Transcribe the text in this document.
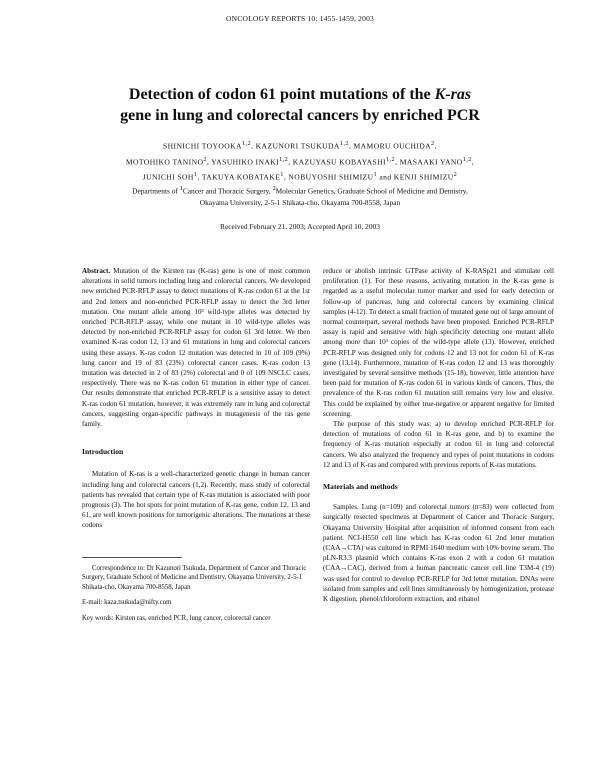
ONCOLOGY REPORTS 10: 1455-1459, 2003
Detection of codon 61 point mutations of the K-ras
gene in lung and colorectal cancers by enriched PCR
SHINICHI TOYOOKA$^{1,2}$, KAZUNORI TSUKUDA$^{1,2}$, MAMORU OUCHIDA$^2$,
MOTOHIKO TANINO$^2$, YASUHIKO INAKI$^{1,2}$, KAZUYASU KOBAYASHI$^{1,2}$, MASAAKI YANO$^{1,2}$,
JUNICHI SOH$^1$, TAKUYA KOBATAKE$^1$, NOBUYOSHI SHIMIZU$^1$ and KENJI SHIMIZU$^2$
Departments of $^1$Cancer and Thoracic Surgery, $^2$Molecular Genetics, Graduate School of Medicine and Dentistry,
Okayama University, 2-5-1 Shikata-cho, Okayama 700-8558, Japan
Received February 21, 2003; Accepted April 10, 2003

Abstract. Mutation of the Kirsten ras (K-ras) gene is one of most common alterations in solid tumors including lung and colorectal cancers. We developed new enriched PCR-RFLP assay to detect mutations of K-ras codon 61 at the 1st and 2nd letters and non-enriched PCR-RFLP assay to detect the 3rd letter mutation. One mutant allele among 10³ wild-type alleles was detected by enriched PCR-RFLP assay, while one mutant in 10 wild-type alleles was detected by non-enriched PCR-RFLP assay for codon 61 3rd letter. We then examined K-ras codon 12, 13 and 61 mutations in lung and colorectal cancers using these assays. K-ras codon 12 mutation was detected in 10 of 109 (9%) lung cancer and 19 of 83 (23%) colorectal cancer cases. K-ras codon 13 mutation was detected in 2 of 83 (2%) colorectal and 0 of 109 NSCLC cases, respectively. There was no K-ras codon 61 mutation in either type of cancer. Our results demonstrate that enriched PCR-RFLP is a sensitive assay to detect K-ras codon 61 mutation, however, it was extremely rare in lung and colorectal cancers, suggesting organ-specific pathways in mutagenesis of the ras gene family.

Introduction

Mutation of K-ras is a well-characterized genetic change in human cancer including lung and colorectal cancers (1,2). Recently, mass study of colorectal patients has revealed that certain type of K-ras mutation is associated with poor prognosis (3). The hot spots for point mutation of K-ras gene, codon 12, 13 and 61, are well known positions for tumorigenic alterations. The mutations at these codons

Correspondence to: Dr Kazunori Tsukuda, Department of Cancer and Thoracic Surgery, Graduate School of Medicine and Dentistry, Okayama University, 2-5-1 Shikata-cho, Okayama 700-8558, Japan

E-mail: kaza.tsukuda@nifty.com

Key words: Kirsten ras, enriched PCR, lung cancer, colorectal cancer

reduce or abolish intrinsic GTPase activity of K-RASp21 and stimulate cell proliferation (1). For these reasons, activating mutation in the K-ras gene is regarded as a useful molecular tumor marker and used for early detection or follow-up of pancreas, lung and colorectal cancers by examining clinical samples (4-12). To detect a small fraction of mutated gene out of large amount of normal counterpart, several methods have been proposed. Enriched PCR-RFLP assay is rapid and sensitive with high specificity detecting one mutant allele among more than 10³ copies of the wild-type allele (13). However, enriched PCR-RFLP was designed only for codons 12 and 13 not for codon 61 of K-ras gene (13,14). Furthermore, mutation of K-ras codon 12 and 13 was thoroughly investigated by several sensitive methods (15-18), however, little attention have been paid for mutation of K-ras codon 61 in various kinds of cancers. Thus, the prevalence of the K-ras codon 61 mutation still remains very low and elusive. This could be explained by either true-negative or apparent negative for limited screening.

The purpose of this study was: a) to develop enriched PCR-RFLP for detection of mutations of codon 61 in K-ras gene, and b) to examine the frequency of K-ras mutation especially at codon 61 in lung and colorectal cancers. We also analyzed the frequency and types of point mutations in codons 12 and 13 of K-ras and compared with previous reports of K-ras mutations.

Materials and methods

Samples. Lung (n=109) and colorectal tumors (n=83) were collected from surgically resected specimens at Department of Cancer and Thoracic Surgery, Okayama University Hospital after acquisition of informed consent from each patient. NCI-H550 cell line which has K-ras codon 61 2nd letter mutation (CAA→CTA) was cultured in RPMI 1640 medium with 10% bovine serum. The pLN-R3.3 plasmid which contains K-ras exon 2 with a codon 61 mutation (CAA→CAC), derived from a human pancreatic cancer cell line T3M-4 (19) was used for control to develop PCR-RFLP for 3rd letter mutation. DNAs were isolated from samples and cell lines simultaneously by homogenization, protease K digestion, phenol/chloroform extraction, and ethanol
